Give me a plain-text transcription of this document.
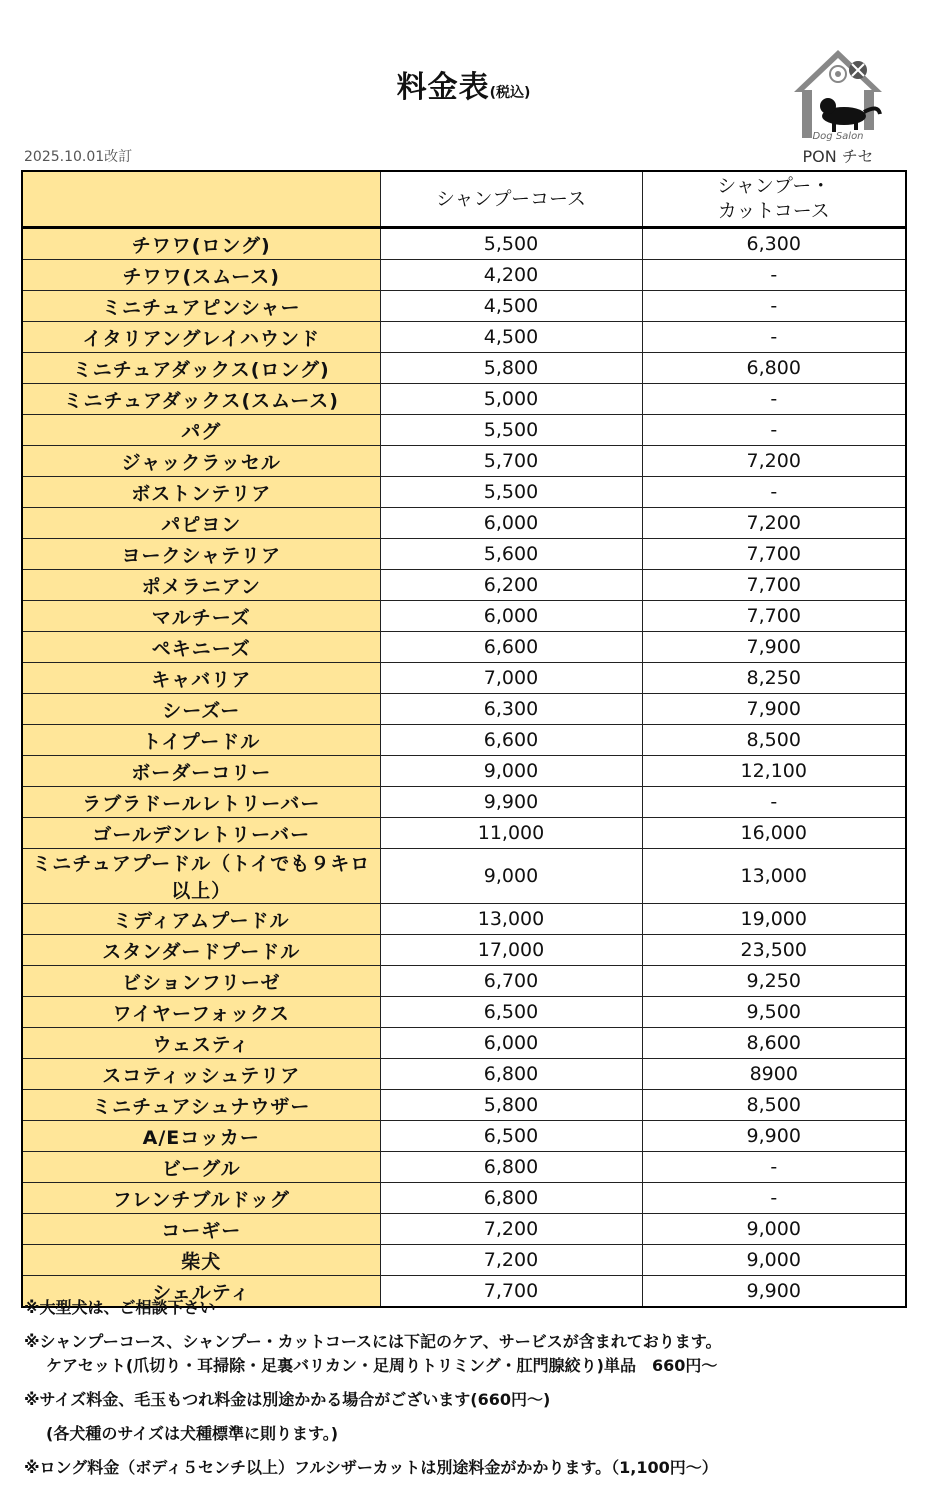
料金表(税込)
2025.10.01改訂
Dog Salon
PON チセ
	シャンプーコース	シャンプー・
カットコース
チワワ(ロング)	5,500	6,300
チワワ(スムース)	4,200	-
ミニチュアピンシャー	4,500	-
イタリアングレイハウンド	4,500	-
ミニチュアダックス(ロング)	5,800	6,800
ミニチュアダックス(スムース)	5,000	-
パグ	5,500	-
ジャックラッセル	5,700	7,200
ボストンテリア	5,500	-
パピヨン	6,000	7,200
ヨークシャテリア	5,600	7,700
ポメラニアン	6,200	7,700
マルチーズ	6,000	7,700
ペキニーズ	6,600	7,900
キャバリア	7,000	8,250
シーズー	6,300	7,900
トイプードル	6,600	8,500
ボーダーコリー	9,000	12,100
ラブラドールレトリーバー	9,900	-
ゴールデンレトリーバー	11,000	16,000
ミニチュアプードル（トイでも９キロ以上）	9,000	13,000
ミディアムプードル	13,000	19,000
スタンダードプードル	17,000	23,500
ビションフリーゼ	6,700	9,250
ワイヤーフォックス	6,500	9,500
ウェスティ	6,000	8,600
スコティッシュテリア	6,800	8900
ミニチュアシュナウザー	5,800	8,500
A/Eコッカー	6,500	9,900
ビーグル	6,800	-
フレンチブルドッグ	6,800	-
コーギー	7,200	9,000
柴犬	7,200	9,000
シェルティ	7,700	9,900

※大型犬は、ご相談下さい

※シャンプーコース、シャンプー・カットコースには下記のケア、サービスが含まれております。

ケアセット(爪切り・耳掃除・足裏バリカン・足周りトリミング・肛門腺絞り)単品　660円～

※サイズ料金、毛玉もつれ料金は別途かかる場合がございます(660円～)

(各犬種のサイズは犬種標準に則ります。)

※ロング料金（ボディ５センチ以上）フルシザーカットは別途料金がかかります。（1,100円～）
